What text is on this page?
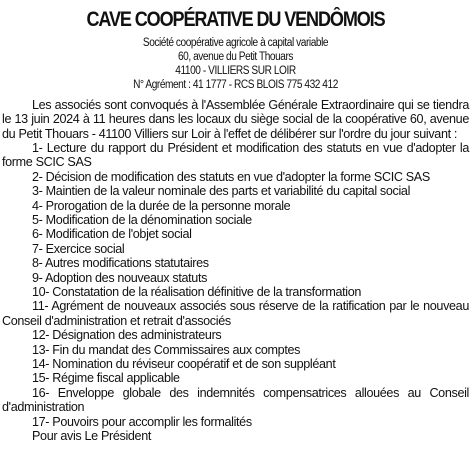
CAVE COOPÉRATIVE DU VENDÔMOIS
Société coopérative agricole à capital variable
60, avenue du Petit Thouars
41100 - VILLIERS SUR LOIR
N° Agrément : 41 1777 - RCS BLOIS 775 432 412

Les associés sont convoqués à l'Assemblée Générale Extraordinaire qui se tiendra le 13 juin 2024 à 11 heures dans les locaux du siège social de la coopérative 60, avenue du Petit Thouars - 41100 Villiers sur Loir à l'effet de délibérer sur l'ordre du jour suivant :

1- Lecture du rapport du Président et modification des statuts en vue d'adopter la forme SCIC SAS

2- Décision de modification des statuts en vue d'adopter la forme SCIC SAS

3- Maintien de la valeur nominale des parts et variabilité du capital social

4- Prorogation de la durée de la personne morale

5- Modification de la dénomination sociale

6- Modification de l'objet social

7- Exercice social

8- Autres modifications statutaires

9- Adoption des nouveaux statuts

10- Constatation de la réalisation définitive de la transformation

11- Agrément de nouveaux associés sous réserve de la ratification par le nouveau Conseil d'administration et retrait d'associés

12- Désignation des administrateurs

13- Fin du mandat des Commissaires aux comptes

14- Nomination du réviseur coopératif et de son suppléant

15- Régime fiscal applicable

16- Enveloppe globale des indemnités compensatrices allouées au Conseil d'administration

17- Pouvoirs pour accomplir les formalités

Pour avis Le Président
